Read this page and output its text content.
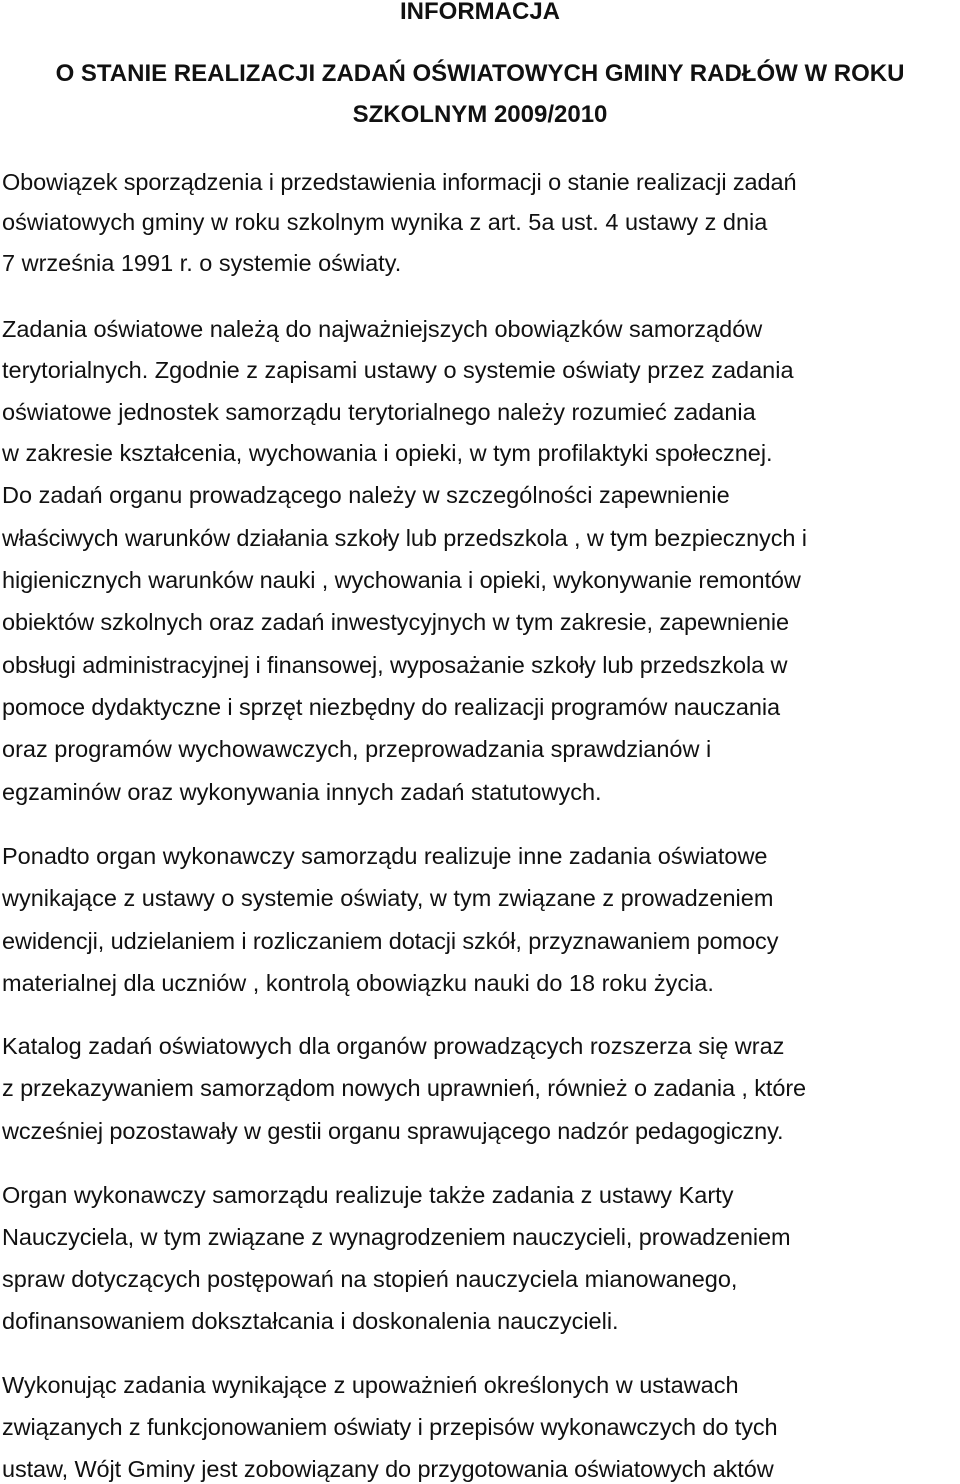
INFORMACJA
O STANIE REALIZACJI ZADAŃ OŚWIATOWYCH GMINY RADŁÓW W ROKU
SZKOLNYM 2009/2010
Obowiązek sporządzenia i przedstawienia informacji o stanie realizacji zadań
oświatowych gminy w roku szkolnym wynika z art. 5a ust. 4 ustawy z dnia
7 września 1991 r. o systemie oświaty.
Zadania oświatowe należą do najważniejszych obowiązków samorządów
terytorialnych. Zgodnie z zapisami ustawy o systemie oświaty przez zadania
oświatowe jednostek samorządu terytorialnego należy rozumieć zadania
w zakresie kształcenia, wychowania i opieki, w tym profilaktyki społecznej.
Do zadań organu prowadzącego należy w szczególności zapewnienie
właściwych warunków działania szkoły lub przedszkola , w tym bezpiecznych i
higienicznych warunków nauki , wychowania i opieki, wykonywanie remontów
obiektów szkolnych oraz zadań inwestycyjnych w tym zakresie, zapewnienie
obsługi administracyjnej i finansowej, wyposażanie szkoły lub przedszkola w
pomoce dydaktyczne i sprzęt niezbędny do realizacji programów nauczania
oraz programów wychowawczych, przeprowadzania sprawdzianów i
egzaminów oraz wykonywania innych zadań statutowych.
Ponadto organ wykonawczy samorządu realizuje inne zadania oświatowe
wynikające z ustawy o systemie oświaty, w tym związane z prowadzeniem
ewidencji, udzielaniem i rozliczaniem dotacji szkół, przyznawaniem pomocy
materialnej dla uczniów , kontrolą obowiązku nauki do 18 roku życia.
Katalog zadań oświatowych dla organów prowadzących rozszerza się wraz
z przekazywaniem samorządom nowych uprawnień, również o zadania , które
wcześniej pozostawały w gestii organu sprawującego nadzór pedagogiczny.
Organ wykonawczy samorządu realizuje także zadania z ustawy Karty
Nauczyciela, w tym związane z wynagrodzeniem nauczycieli, prowadzeniem
spraw dotyczących postępowań na stopień nauczyciela mianowanego,
dofinansowaniem dokształcania i doskonalenia nauczycieli.
Wykonując zadania wynikające z upoważnień określonych w ustawach
związanych z funkcjonowaniem oświaty i przepisów wykonawczych do tych
ustaw, Wójt Gminy jest zobowiązany do przygotowania oświatowych aktów
